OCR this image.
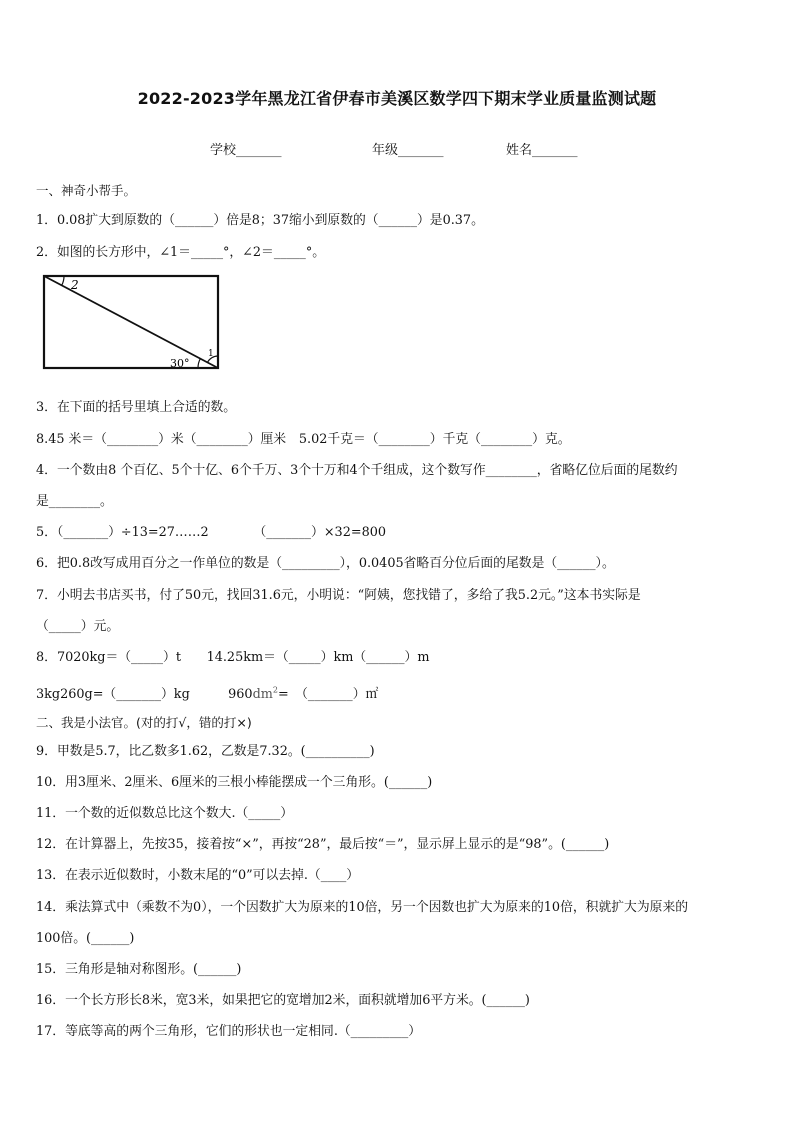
2022-2023学年黑龙江省伊春市美溪区数学四下期末学业质量监测试题
学校_______	年级_______	姓名_______
一、神奇小帮手。
1．0.08扩大到原数的（______）倍是8；37缩小到原数的（______）是0.37。
2．如图的长方形中，∠1＝_____°，∠2＝_____°。
2
1
30°
3．在下面的括号里填上合适的数。
8.45 米＝（________）米（________）厘米　5.02千克＝（________）千克（________）克。
4．一个数由8 个百亿、5个十亿、6个千万、3个十万和4个千组成，这个数写作________，省略亿位后面的尾数约
是________。
5．（_______）÷13=27……2　　　　（_______）×32=800
6．把0.8改写成用百分之一作单位的数是（_________），0.0405省略百分位后面的尾数是（______）。
7．小明去书店买书，付了50元，找回31.6元，小明说：“阿姨，您找错了，多给了我5.2元。”这本书实际是
（_____）元。
8．7020kg＝（_____）t　　14.25km＝（_____）km（______）m
3kg260g=（_______）kg　　　$960dm^2=$　（_______）㎡
二、我是小法官。(对的打√，错的打×)
9．甲数是5.7，比乙数多1.62，乙数是7.32。(__________)
10．用3厘米、2厘米、6厘米的三根小棒能摆成一个三角形。(______)
11．一个数的近似数总比这个数大.（_____）
12．在计算器上，先按35，接着按“×”，再按“28”，最后按“＝”，显示屏上显示的是“98”。(______)
13．在表示近似数时，小数末尾的“0”可以去掉.（____）
14．乘法算式中（乘数不为0），一个因数扩大为原来的10倍，另一个因数也扩大为原来的10倍，积就扩大为原来的
100倍。(______)
15．三角形是轴对称图形。(______)
16．一个长方形长8米，宽3米，如果把它的宽增加2米，面积就增加6平方米。(______)
17．等底等高的两个三角形，它们的形状也一定相同.（_________）
